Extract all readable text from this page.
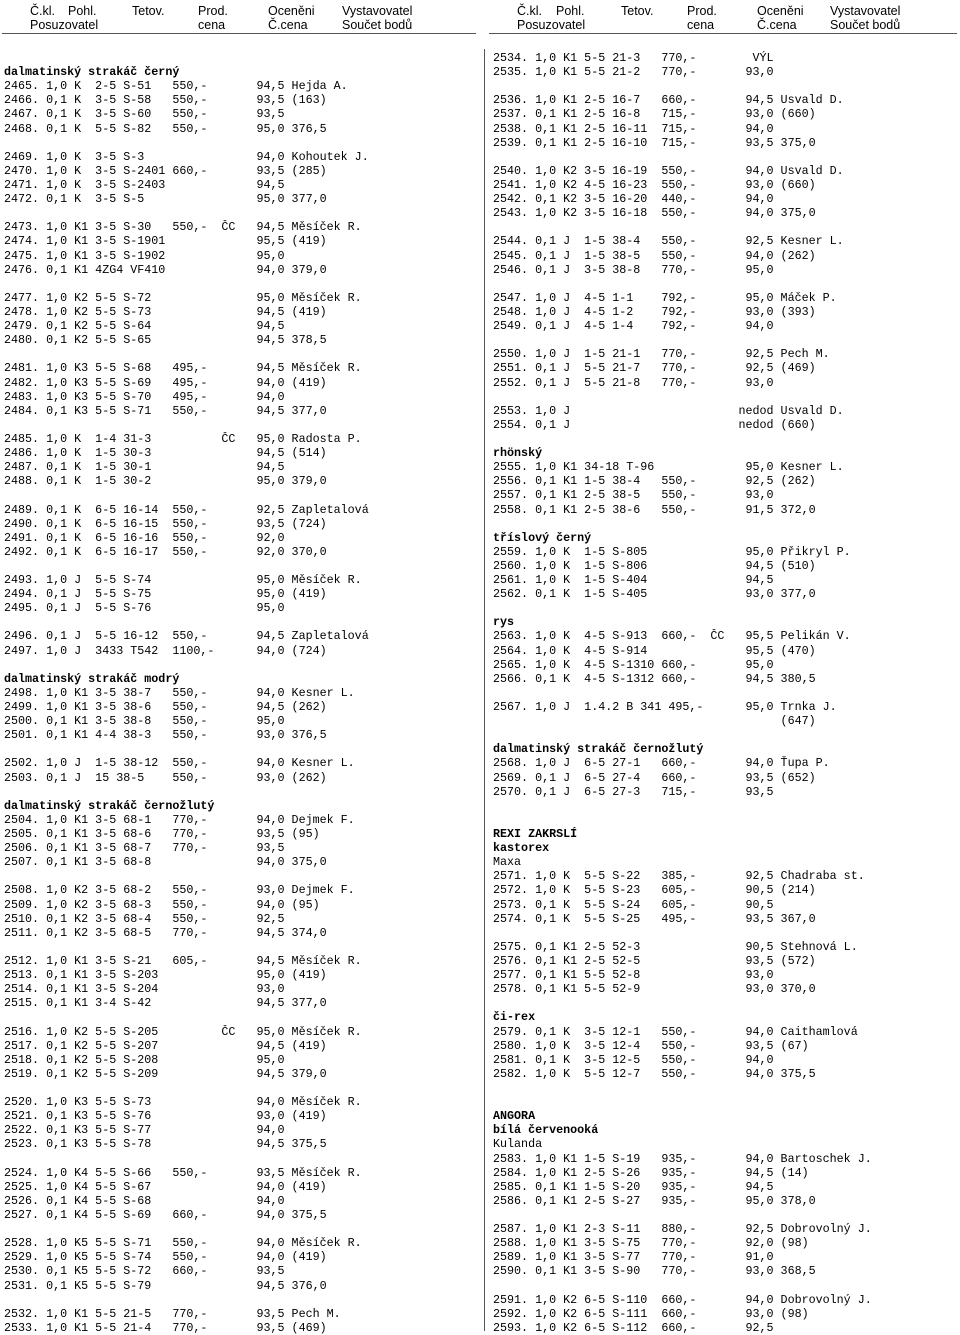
Č.kl. Pohl.	Tetov.	Prod.	Oceněni Vystavovatel
Posuzovatel	cena	Č.cena	Součet bodů
Č.kl. Pohl.	Tetov.	Prod.	Oceněni Vystavovatel
Posuzovatel	cena	Č.cena	Součet bodů
dalmatinský strakáč černý
2465. 1,0 K  2-5 S-51   550,-       94,5 Hejda A.
2466. 0,1 K  3-5 S-58   550,-       93,5 (163)
2467. 0,1 K  3-5 S-60   550,-       93,5
2468. 0,1 K  5-5 S-82   550,-       95,0 376,5
2469. 1,0 K  3-5 S-3                94,0 Kohoutek J.
2470. 1,0 K  3-5 S-2401 660,-       93,5 (285)
2471. 1,0 K  3-5 S-2403             94,5
2472. 0,1 K  3-5 S-5                95,0 377,0
2473. 1,0 K1 3-5 S-30   550,-  ČC   94,5 Měsíček R.
2474. 1,0 K1 3-5 S-1901             95,5 (419)
2475. 1,0 K1 3-5 S-1902             95,0
2476. 0,1 K1 4ZG4 VF410             94,0 379,0
2477. 1,0 K2 5-5 S-72               95,0 Měsíček R.
2478. 1,0 K2 5-5 S-73               94,5 (419)
2479. 0,1 K2 5-5 S-64               94,5
2480. 0,1 K2 5-5 S-65               94,5 378,5
2481. 1,0 K3 5-5 S-68   495,-       94,5 Měsíček R.
2482. 1,0 K3 5-5 S-69   495,-       94,0 (419)
2483. 1,0 K3 5-5 S-70   495,-       94,0
2484. 0,1 K3 5-5 S-71   550,-       94,5 377,0
2485. 1,0 K  1-4 31-3          ČC   95,0 Radosta P.
2486. 1,0 K  1-5 30-3               94,5 (514)
2487. 0,1 K  1-5 30-1               94,5
2488. 0,1 K  1-5 30-2               95,0 379,0
2489. 0,1 K  6-5 16-14  550,-       92,5 Zapletalová
2490. 0,1 K  6-5 16-15  550,-       93,5 (724)
2491. 0,1 K  6-5 16-16  550,-       92,0
2492. 0,1 K  6-5 16-17  550,-       92,0 370,0
2493. 1,0 J  5-5 S-74               95,0 Měsíček R.
2494. 0,1 J  5-5 S-75               95,0 (419)
2495. 0,1 J  5-5 S-76               95,0
2496. 0,1 J  5-5 16-12  550,-       94,5 Zapletalová
2497. 1,0 J  3433 T542  1100,-      94,0 (724)
dalmatinský strakáč modrý
2498. 1,0 K1 3-5 38-7   550,-       94,0 Kesner L.
2499. 1,0 K1 3-5 38-6   550,-       94,5 (262)
2500. 0,1 K1 3-5 38-8   550,-       95,0
2501. 0,1 K1 4-4 38-3   550,-       93,0 376,5
2502. 1,0 J  1-5 38-12  550,-       94,0 Kesner L.
2503. 0,1 J  15 38-5    550,-       93,0 (262)
dalmatinský strakáč černožlutý
2504. 1,0 K1 3-5 68-1   770,-       94,0 Dejmek F.
2505. 0,1 K1 3-5 68-6   770,-       93,5 (95)
2506. 0,1 K1 3-5 68-7   770,-       93,5
2507. 0,1 K1 3-5 68-8               94,0 375,0
2508. 1,0 K2 3-5 68-2   550,-       93,0 Dejmek F.
2509. 1,0 K2 3-5 68-3   550,-       94,0 (95)
2510. 0,1 K2 3-5 68-4   550,-       92,5
2511. 0,1 K2 3-5 68-5   770,-       94,5 374,0
2512. 1,0 K1 3-5 S-21   605,-       94,5 Měsíček R.
2513. 0,1 K1 3-5 S-203              95,0 (419)
2514. 0,1 K1 3-5 S-204              93,0
2515. 0,1 K1 3-4 S-42               94,5 377,0
2516. 1,0 K2 5-5 S-205         ČC   95,0 Měsíček R.
2517. 0,1 K2 5-5 S-207              94,5 (419)
2518. 0,1 K2 5-5 S-208              95,0
2519. 0,1 K2 5-5 S-209              94,5 379,0
2520. 1,0 K3 5-5 S-73               94,0 Měsíček R.
2521. 0,1 K3 5-5 S-76               93,0 (419)
2522. 0,1 K3 5-5 S-77               94,0
2523. 0,1 K3 5-5 S-78               94,5 375,5
2524. 1,0 K4 5-5 S-66   550,-       93,5 Měsíček R.
2525. 1,0 K4 5-5 S-67               94,0 (419)
2526. 0,1 K4 5-5 S-68               94,0
2527. 0,1 K4 5-5 S-69   660,-       94,0 375,5
2528. 1,0 K5 5-5 S-71   550,-       94,0 Měsíček R.
2529. 1,0 K5 5-5 S-74   550,-       94,0 (419)
2530. 0,1 K5 5-5 S-72   660,-       93,5
2531. 0,1 K5 5-5 S-79               94,5 376,0
2532. 1,0 K1 5-5 21-5   770,-       93,5 Pech M.
2533. 1,0 K1 5-5 21-4   770,-       93,5 (469)
2534. 1,0 K1 5-5 21-3   770,-        VÝL
2535. 1,0 K1 5-5 21-2   770,-       93,0
2536. 1,0 K1 2-5 16-7   660,-       94,5 Usvald D.
2537. 0,1 K1 2-5 16-8   715,-       93,0 (660)
2538. 0,1 K1 2-5 16-11  715,-       94,0
2539. 0,1 K1 2-5 16-10  715,-       93,5 375,0
2540. 1,0 K2 3-5 16-19  550,-       94,0 Usvald D.
2541. 1,0 K2 4-5 16-23  550,-       93,0 (660)
2542. 0,1 K2 3-5 16-20  440,-       94,0
2543. 1,0 K2 3-5 16-18  550,-       94,0 375,0
2544. 0,1 J  1-5 38-4   550,-       92,5 Kesner L.
2545. 0,1 J  1-5 38-5   550,-       94,0 (262)
2546. 0,1 J  3-5 38-8   770,-       95,0
2547. 1,0 J  4-5 1-1    792,-       95,0 Máček P.
2548. 1,0 J  4-5 1-2    792,-       93,0 (393)
2549. 0,1 J  4-5 1-4    792,-       94,0
2550. 1,0 J  1-5 21-1   770,-       92,5 Pech M.
2551. 0,1 J  5-5 21-7   770,-       92,5 (469)
2552. 0,1 J  5-5 21-8   770,-       93,0
2553. 1,0 J                        nedod Usvald D.
2554. 0,1 J                        nedod (660)
rhönský
2555. 1,0 K1 34-18 T-96             95,0 Kesner L.
2556. 0,1 K1 1-5 38-4   550,-       92,5 (262)
2557. 0,1 K1 2-5 38-5   550,-       93,0
2558. 0,1 K1 2-5 38-6   550,-       91,5 372,0
tříslový černý
2559. 1,0 K  1-5 S-805              95,0 Přikryl P.
2560. 1,0 K  1-5 S-806              94,5 (510)
2561. 1,0 K  1-5 S-404              94,5
2562. 0,1 K  1-5 S-405              93,0 377,0
rys
2563. 1,0 K  4-5 S-913  660,-  ČC   95,5 Pelikán V.
2564. 1,0 K  4-5 S-914              95,5 (470)
2565. 1,0 K  4-5 S-1310 660,-       95,0
2566. 0,1 K  4-5 S-1312 660,-       94,5 380,5
2567. 1,0 J  1.4.2 B 341 495,-      95,0 Trnka J.
(647)
dalmatinský strakáč černožlutý
2568. 1,0 J  6-5 27-1   660,-       94,0 Ťupa P.
2569. 0,1 J  6-5 27-4   660,-       93,5 (652)
2570. 0,1 J  6-5 27-3   715,-       93,5
REXI ZAKRSLÍ
kastorex
Maxa
2571. 1,0 K  5-5 S-22   385,-       92,5 Chadraba st.
2572. 1,0 K  5-5 S-23   605,-       90,5 (214)
2573. 0,1 K  5-5 S-24   605,-       90,5
2574. 0,1 K  5-5 S-25   495,-       93,5 367,0
2575. 0,1 K1 2-5 52-3               90,5 Stehnová L.
2576. 0,1 K1 2-5 52-5               93,5 (572)
2577. 0,1 K1 5-5 52-8               93,0
2578. 0,1 K1 5-5 52-9               93,0 370,0
či-rex
2579. 0,1 K  3-5 12-1   550,-       94,0 Caithamlová
2580. 1,0 K  3-5 12-4   550,-       93,5 (67)
2581. 0,1 K  3-5 12-5   550,-       94,0
2582. 1,0 K  5-5 12-7   550,-       94,0 375,5
ANGORA
bílá červenooká
Kulanda
2583. 1,0 K1 1-5 S-19   935,-       94,0 Bartoschek J.
2584. 1,0 K1 2-5 S-26   935,-       94,5 (14)
2585. 0,1 K1 1-5 S-20   935,-       94,5
2586. 0,1 K1 2-5 S-27   935,-       95,0 378,0
2587. 1,0 K1 2-3 S-11   880,-       92,5 Dobrovolný J.
2588. 1,0 K1 3-5 S-75   770,-       92,0 (98)
2589. 1,0 K1 3-5 S-77   770,-       91,0
2590. 0,1 K1 3-5 S-90   770,-       93,0 368,5
2591. 1,0 K2 6-5 S-110  660,-       94,0 Dobrovolný J.
2592. 1,0 K2 6-5 S-111  660,-       93,0 (98)
2593. 1,0 K2 6-5 S-112  660,-       92,5
